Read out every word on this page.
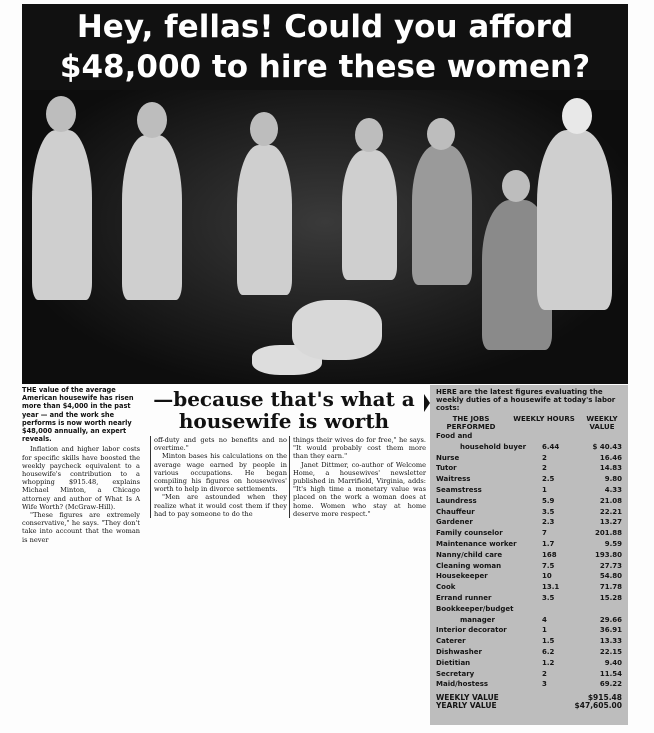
Hey, fellas! Could you afford
$48,000 to hire these women?
THE value of the average American housewife has risen more than $4,000 in the past year — and the work she performs is now worth nearly $48,000 annually, an expert reveals.

Inflation and higher labor costs for specific skills have boosted the weekly paycheck equivalent to a housewife's contribution to a whopping $915.48, explains Michael Minton, a Chicago attorney and author of What Is A Wife Worth? (McGraw-Hill).

"These figures are extremely conservative," he says. "They don't take into account that the woman is never

—because that's what a housewife is worth

off-duty and gets no benefits and no overtime."

Minton bases his calculations on the average wage earned by people in various occupations. He began compiling his figures on housewives' worth to help in divorce settlements.

"Men are astounded when they realize what it would cost them if they had to pay someone to do the

things their wives do for free," he says. "It would probably cost them more than they earn."

Janet Dittmer, co-author of Welcome Home, a housewives' newsletter published in Marrifield, Virginia, adds: "It's high time a monetary value was placed on the work a woman does at home. Women who stay at home deserve more respect."

HERE are the latest figures evaluating the weekly duties of a housewife at today's labor costs:
THE JOBS PERFORMED
WEEKLY HOURS	WEEKLY VALUE
Food and
household buyer	6.44	$ 40.43
Nurse	2	16.46
Tutor	2	14.83
Waitress	2.5	9.80
Seamstress	1	4.33
Laundress	5.9	21.08
Chauffeur	3.5	22.21
Gardener	2.3	13.27
Family counselor	7	201.88
Maintenance worker	1.7	9.59
Nanny/child care	168	193.80
Cleaning woman	7.5	27.73
Housekeeper	10	54.80
Cook	13.1	71.78
Errand runner	3.5	15.28
Bookkeeper/budget
manager	4	29.66
Interior decorator	1	36.91
Caterer	1.5	13.33
Dishwasher	6.2	22.15
Dietitian	1.2	9.40
Secretary	2	11.54
Maid/hostess	3	69.22
WEEKLY VALUE	$915.48
YEARLY VALUE	$47,605.00
